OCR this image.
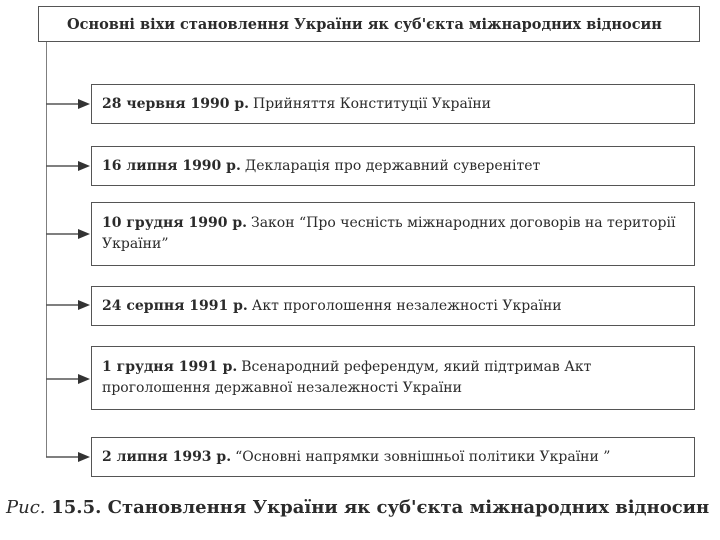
Основні віхи становлення України як суб'єкта міжнародних відносин
28 червня 1990 р. Прийняття Конституції України
16 липня 1990 р. Декларація про державний суверенітет
10 грудня 1990 р. Закон “Про чесність міжнародних договорів на території України”
24 серпня 1991 р. Акт проголошення незалежності України
1 грудня 1991 р. Всенародний референдум, який підтримав Акт проголошення державної незалежності України
2 липня 1993 р. “Основні напрямки зовнішньої політики України ”
Рис. 15.5. Становлення України як суб'єкта міжнародних відносин
